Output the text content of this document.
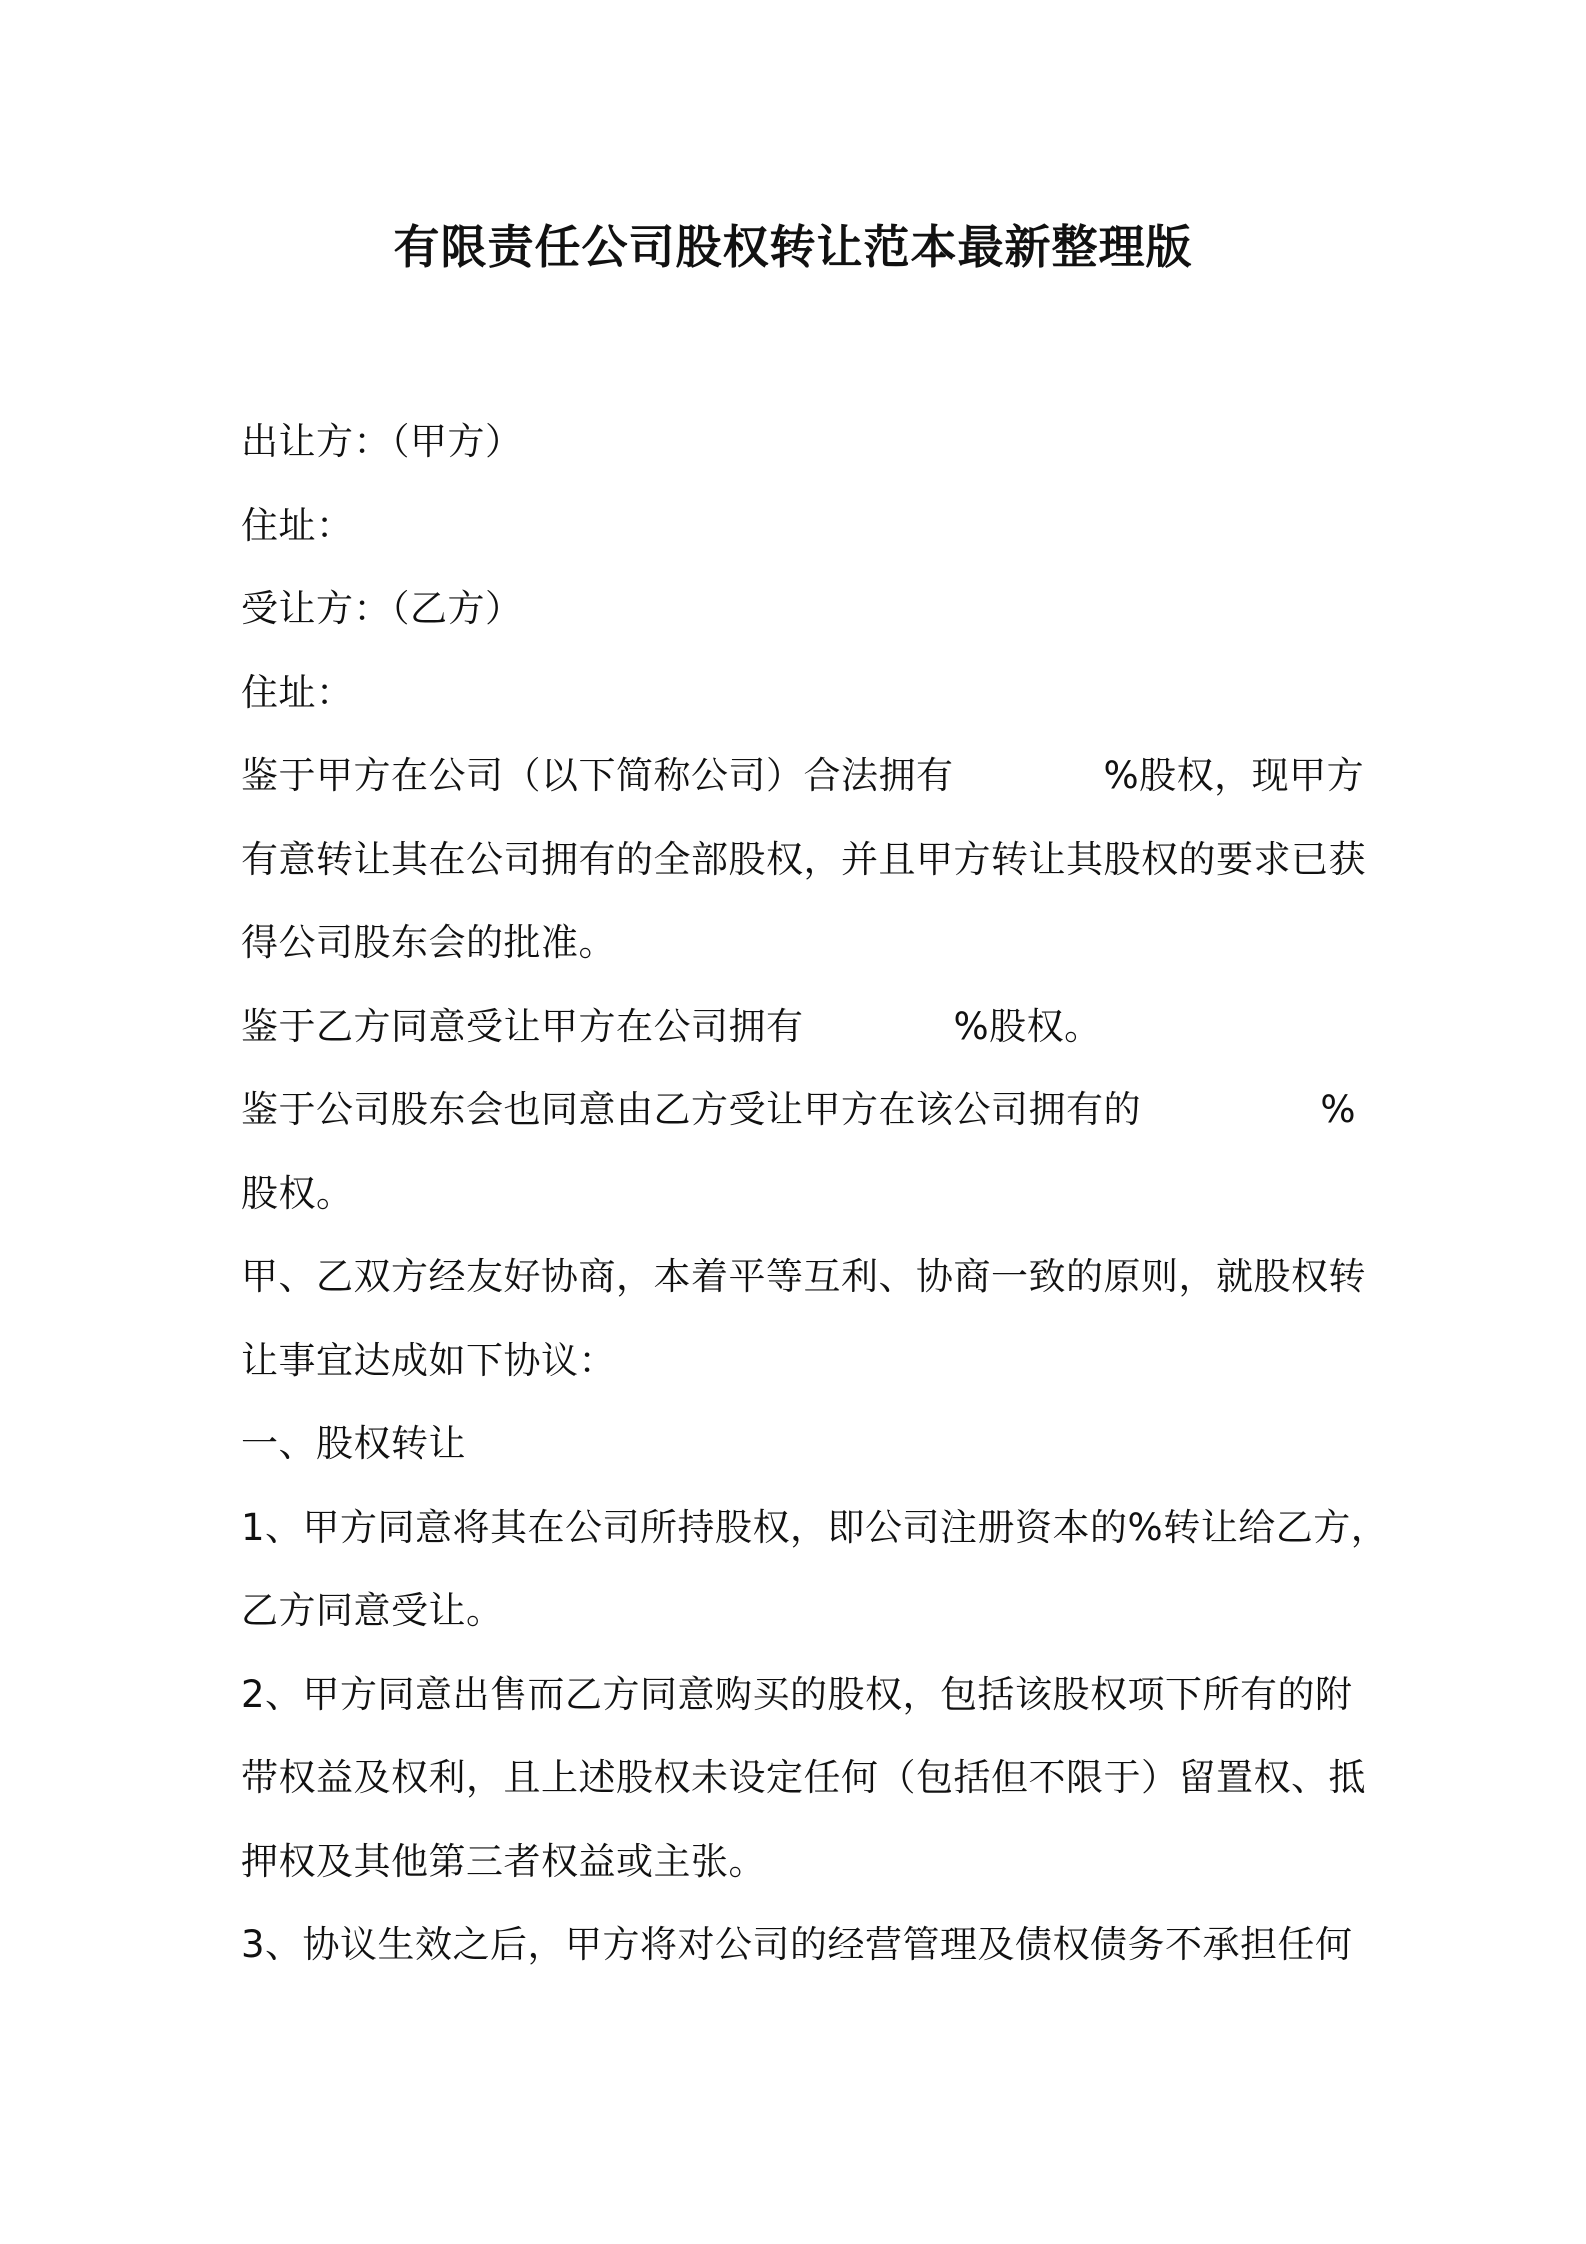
有限责任公司股权转让范本最新整理版
出让方：（甲方）
住址：
受让方：（乙方）
住址：
鉴于甲方在公司（以下简称公司）合法拥有	%股权，现甲方
有意转让其在公司拥有的全部股权，并且甲方转让其股权的要求已获
得公司股东会的批准。
鉴于乙方同意受让甲方在公司拥有	%股权。
鉴于公司股东会也同意由乙方受让甲方在该公司拥有的	%
股权。
甲、乙双方经友好协商，本着平等互利、协商一致的原则，就股权转
让事宜达成如下协议：
一、股权转让
1、甲方同意将其在公司所持股权，即公司注册资本的%转让给乙方，
乙方同意受让。
2、甲方同意出售而乙方同意购买的股权，包括该股权项下所有的附
带权益及权利，且上述股权未设定任何（包括但不限于）留置权、抵
押权及其他第三者权益或主张。
3、协议生效之后，甲方将对公司的经营管理及债权债务不承担任何
